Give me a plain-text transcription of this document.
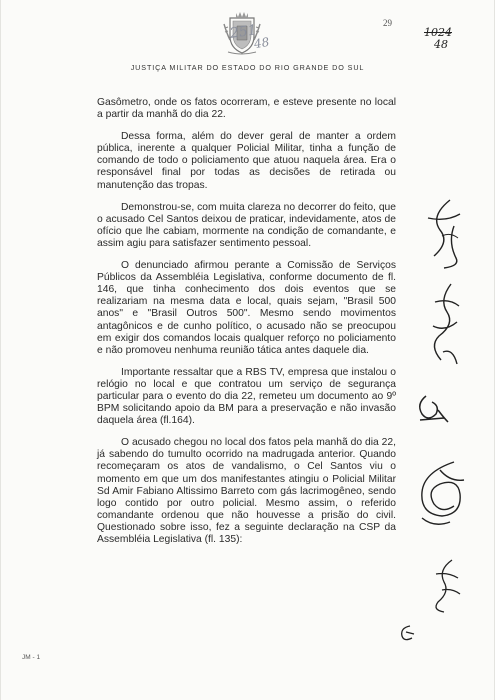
251
48
29
1024
48
JUSTIÇA MILITAR DO ESTADO DO RIO GRANDE DO SUL

Gasômetro, onde os fatos ocorreram, e esteve presente no local a partir da manhã do dia 22.

Dessa forma, além do dever geral de manter a ordem pública, inerente a qualquer Policial Militar, tinha a função de comando de todo o policiamento que atuou naquela área. Era o responsável final por todas as decisões de retirada ou manutenção das tropas.

Demonstrou-se, com muita clareza no decorrer do feito, que o acusado Cel Santos deixou de praticar, indevidamente, atos de ofício que lhe cabiam, mormente na condição de comandante, e assim agiu para satisfazer sentimento pessoal.

O denunciado afirmou perante a Comissão de Serviços Públicos da Assembléia Legislativa, conforme documento de fl. 146, que tinha conhecimento dos dois eventos que se realizariam na mesma data e local, quais sejam, "Brasil 500 anos" e "Brasil Outros 500". Mesmo sendo movimentos antagônicos e de cunho político, o acusado não se preocupou em exigir dos comandos locais qualquer reforço no policiamento e não promoveu nenhuma reunião tática antes daquele dia.

Importante ressaltar que a RBS TV, empresa que instalou o relógio no local e que contratou um serviço de segurança particular para o evento do dia 22, remeteu um documento ao 9º BPM solicitando apoio da BM para a preservação e não invasão daquela área (fl.164).

O acusado chegou no local dos fatos pela manhã do dia 22, já sabendo do tumulto ocorrido na madrugada anterior. Quando recomeçaram os atos de vandalismo, o Cel Santos viu o momento em que um dos manifestantes atingiu o Policial Militar Sd Amir Fabiano Altissimo Barreto com gás lacrimogêneo, sendo logo contido por outro policial. Mesmo assim, o referido comandante ordenou que não houvesse a prisão do civil. Questionado sobre isso, fez a seguinte declaração na CSP da Assembléia Legislativa (fl. 135):

JM - 1
